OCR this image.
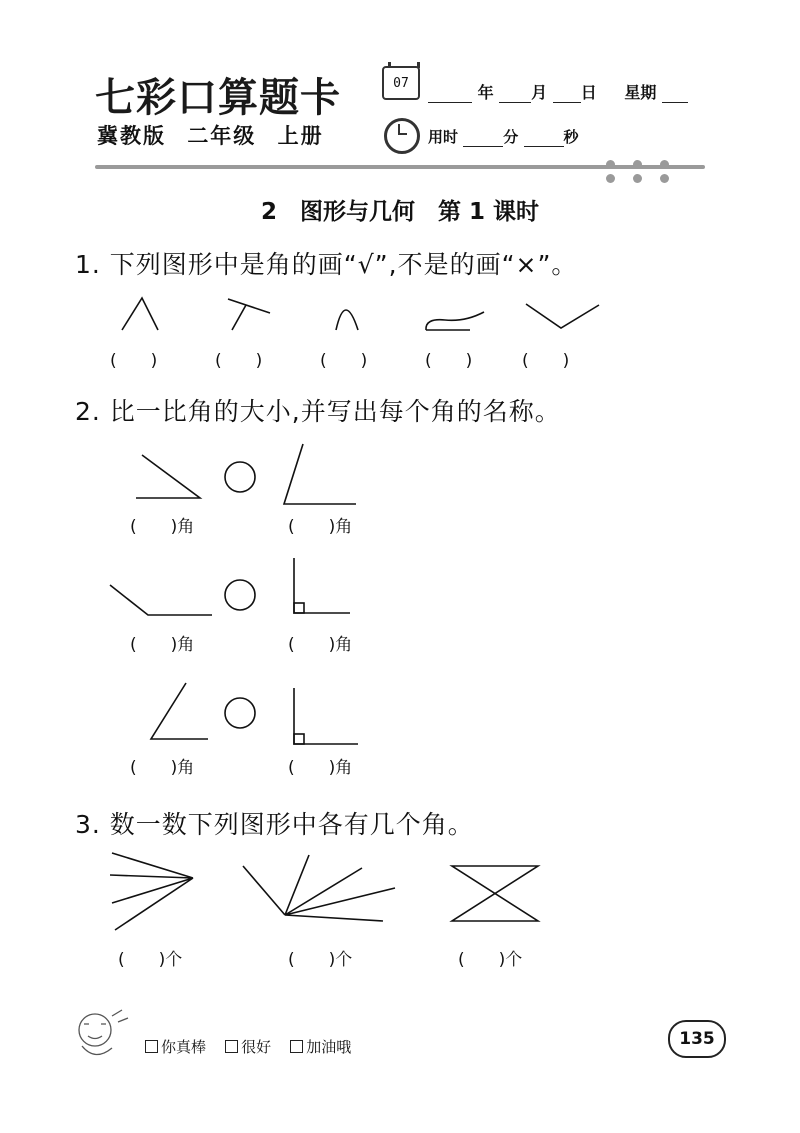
七彩口算题卡
冀教版 二年级 上册
07	年 月 日 星期
用时	分	秒
2　图形与几何　第 1 课时
1. 下列图形中是角的画“√”,不是的画“×”。
(　　)	(　　)	(　　)	(　　)	(　　)
2. 比一比角的大小,并写出每个角的名称。
(　　)角	(　　)角
(　　)角	(　　)角
(　　)角	(　　)角
3. 数一数下列图形中各有几个角。
(　　)个	(　　)个	(　　)个
你真棒
很好
加油哦	135
